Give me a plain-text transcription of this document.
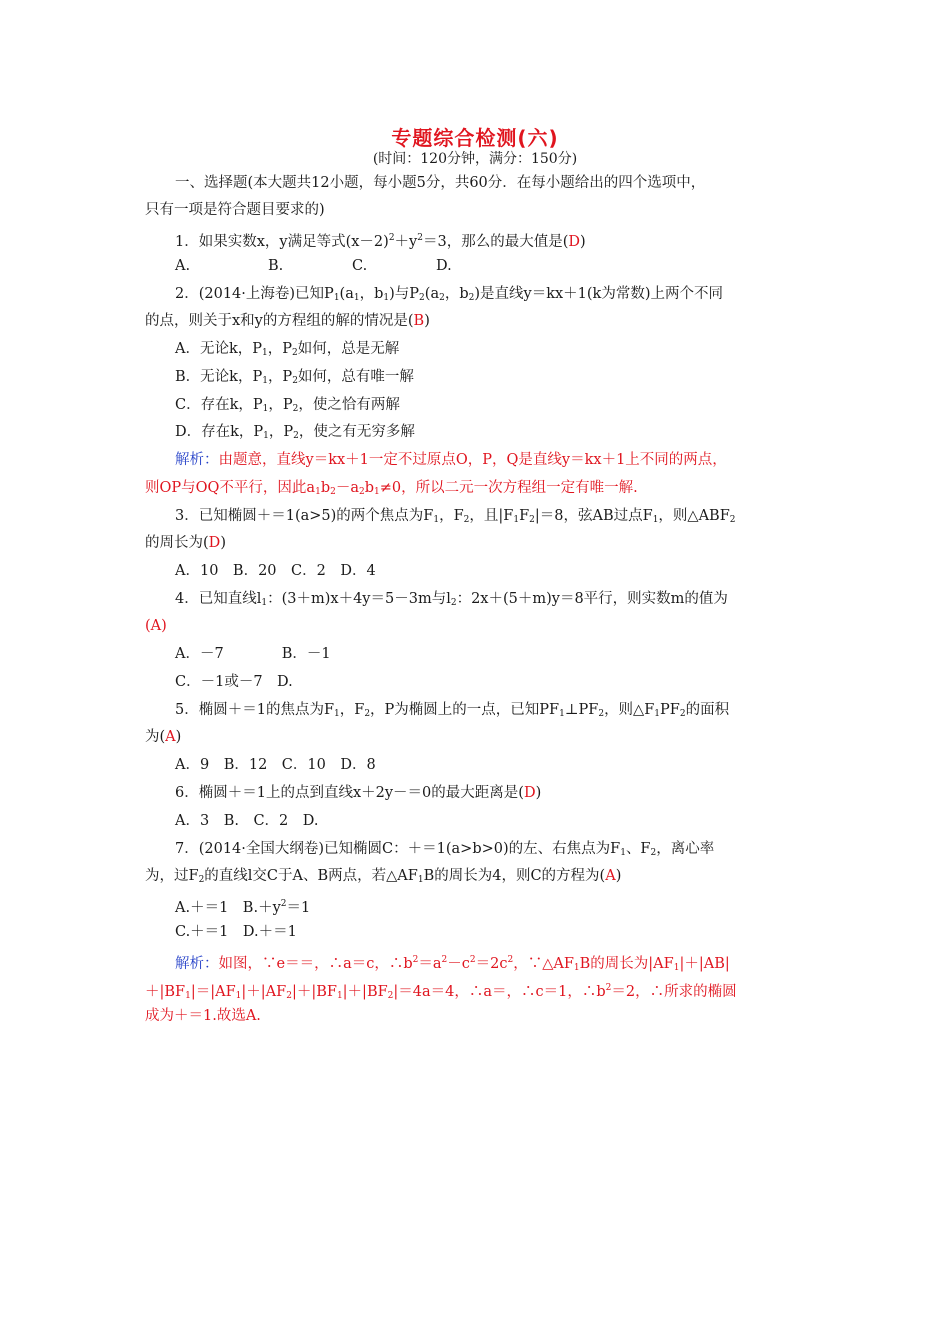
专题综合检测(六)
(时间：120分钟，满分：150分)
一、选择题(本大题共12小题，每小题5分，共60分．在每小题给出的四个选项中，
只有一项是符合题目要求的)
1．如果实数x，y满足等式$(x-2)^2+y^2=3$，那么的最大值是(D)
A.	B.	C.	D.
2．(2014·上海卷)已知$P_1(a_1$，$b_1$)与$P_2(a_2$，$b_2$)是直线y＝kx＋1(k为常数)上两个不同
的点，则关于x和y的方程组的解的情况是(B)
A．无论k，$P_1$，$P_2$如何，总是无解
B．无论k，$P_1$，$P_2$如何，总有唯一解
C．存在k，$P_1$，$P_2$，使之恰有两解
D．存在k，$P_1$，$P_2$，使之有无穷多解
解析：由题意，直线y＝kx＋1一定不过原点O，P，Q是直线y＝kx＋1上不同的两点，
则OP与OQ不平行，因此$a_1b_2-a_2b_1\ne 0$，所以二元一次方程组一定有唯一解.
3．已知椭圆＋＝1(a>5)的两个焦点为$F_1$，$F_2$，且$|F_1F_2|=8$，弦AB过点$F_1$，则$\triangle ABF_2$
的周长为(D)
A．10　B．20　C．2　D．4
4．已知直线$l_1$：(3＋m)x＋4y＝5－3m与$l_2$：2x＋(5＋m)y＝8平行，则实数m的值为
(A)
A．－7　　　　B．－1
C．－1或－7　D.
5．椭圆＋＝1的焦点为$F_1$，$F_2$，P为椭圆上的一点，已知$PF_1\perp PF_2$，则$\triangle F_1PF_2$的面积
为(A)
A．9　B．12　C．10　D．8
6．椭圆＋＝1上的点到直线x＋2y－＝0的最大距离是(D)
A．3　B.　C．2　D.
7．(2014·全国大纲卷)已知椭圆C：＋＝1(a>b>0)的左、右焦点为$F_1$、$F_2$，离心率
为，过$F_2$的直线l交C于A、B两点，若$\triangle AF_1B$的周长为4，则C的方程为(A)
A.＋＝1　$B.+y^2=1$
C.＋＝1　D.＋＝1
解析：如图，∵e＝＝，∴a＝c，$\therefore b^2=a^2-c^2=2c^2$，$\because\triangle AF_1B$的周长为$|AF_1|+|AB|$
$+|BF_1|=|AF_1|+|AF_2|+|BF_1|+|BF_2|=4a=4$，∴a＝，∴c＝1，$\therefore b^2=2$，∴所求的椭圆
成为＋＝1.故选A.
